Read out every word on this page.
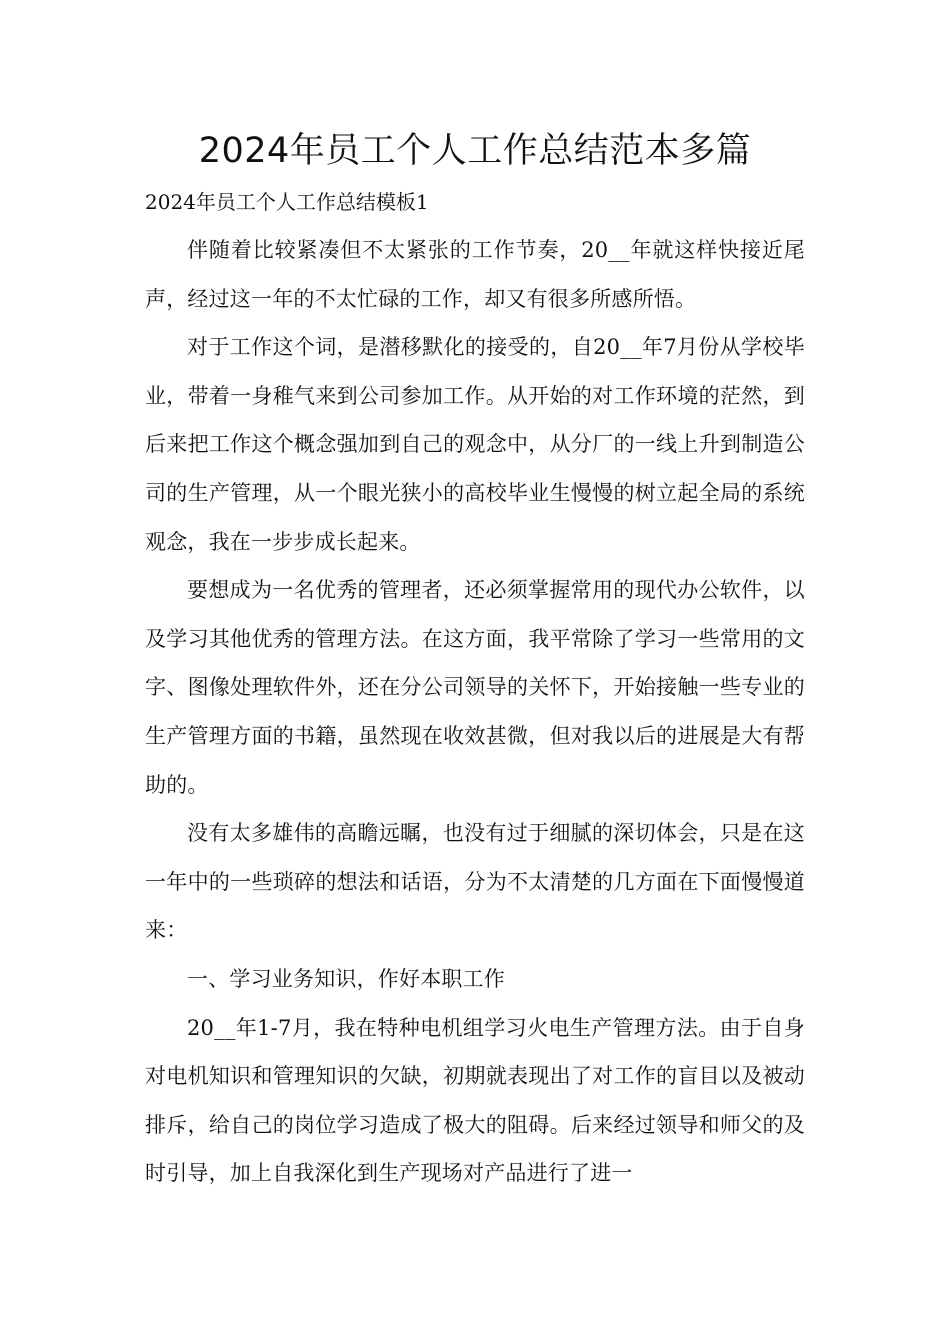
2024年员工个人工作总结范本多篇

2024年员工个人工作总结模板1

伴随着比较紧凑但不太紧张的工作节奏，20__年就这样快接近尾声，经过这一年的不太忙碌的工作，却又有很多所感所悟。

对于工作这个词，是潜移默化的接受的，自20__年7月份从学校毕业，带着一身稚气来到公司参加工作。从开始的对工作环境的茫然，到后来把工作这个概念强加到自己的观念中，从分厂的一线上升到制造公司的生产管理，从一个眼光狭小的高校毕业生慢慢的树立起全局的系统观念，我在一步步成长起来。

要想成为一名优秀的管理者，还必须掌握常用的现代办公软件，以及学习其他优秀的管理方法。在这方面，我平常除了学习一些常用的文字、图像处理软件外，还在分公司领导的关怀下，开始接触一些专业的生产管理方面的书籍，虽然现在收效甚微，但对我以后的进展是大有帮助的。

没有太多雄伟的高瞻远瞩，也没有过于细腻的深切体会，只是在这一年中的一些琐碎的想法和话语，分为不太清楚的几方面在下面慢慢道来：

一、学习业务知识，作好本职工作

20__年1-7月，我在特种电机组学习火电生产管理方法。由于自身对电机知识和管理知识的欠缺，初期就表现出了对工作的盲目以及被动排斥，给自己的岗位学习造成了极大的阻碍。后来经过领导和师父的及时引导，加上自我深化到生产现场对产品进行了进一
